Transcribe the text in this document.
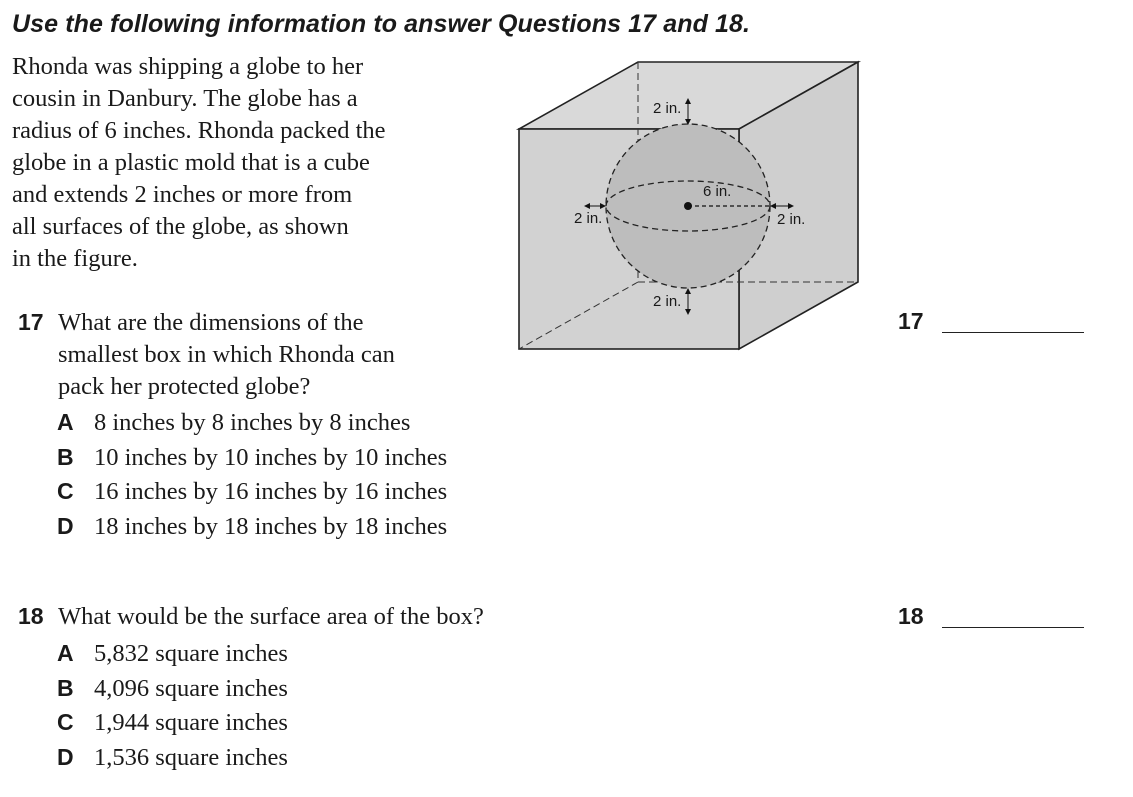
Use the following information to answer Questions 17 and 18.
Rhonda was shipping a globe to her
cousin in Danbury. The globe has a
radius of 6 inches. Rhonda packed the
globe in a plastic mold that is a cube
and extends 2 inches or more from
all surfaces of the globe, as shown
in the figure.
2 in.
2 in.
2 in.	2 in.
6 in.
17 What are the dimensions of the
smallest box in which Rhonda can
pack her protected globe?
A 8 inches by 8 inches by 8 inches
B 10 inches by 10 inches by 10 inches
C 16 inches by 16 inches by 16 inches
D 18 inches by 18 inches by 18 inches
17
18 What would be the surface area of the box?
A 5,832 square inches
B 4,096 square inches
C 1,944 square inches
D 1,536 square inches
18
